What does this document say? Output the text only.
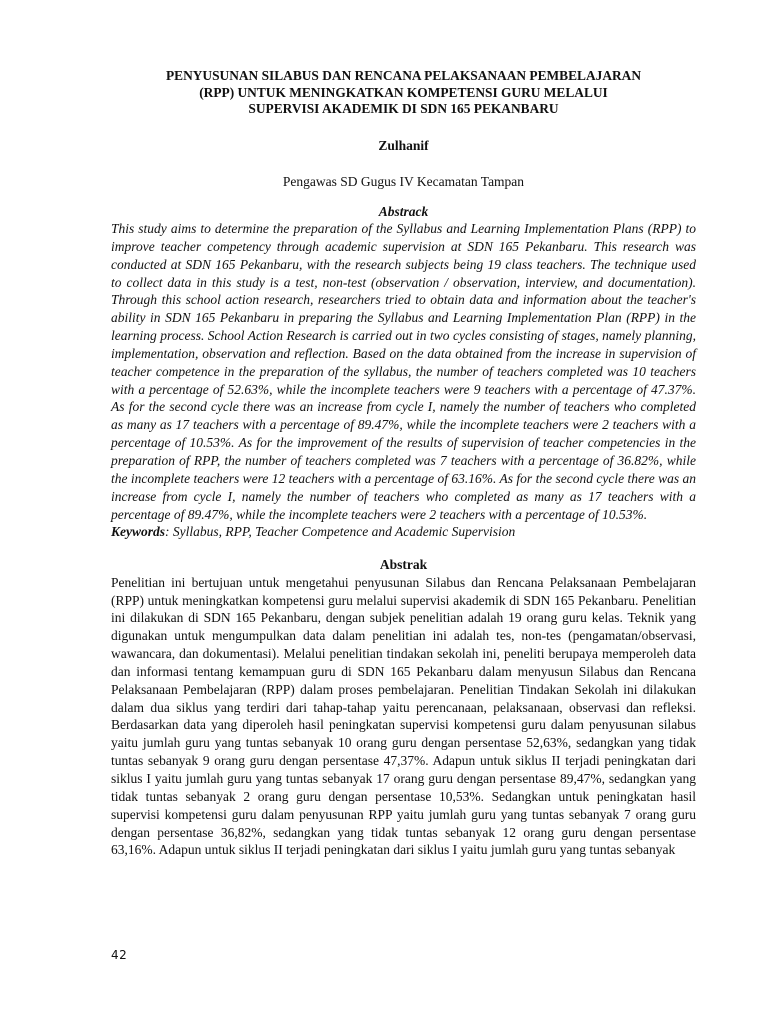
PENYUSUNAN SILABUS DAN RENCANA PELAKSANAAN PEMBELAJARAN
(RPP) UNTUK MENINGKATKAN KOMPETENSI GURU MELALUI
SUPERVISI AKADEMIK DI SDN 165 PEKANBARU
Zulhanif
Pengawas SD Gugus IV Kecamatan Tampan
Abstrack

This study aims to determine the preparation of the Syllabus and Learning Implementation Plans (RPP) to improve teacher competency through academic supervision at SDN 165 Pekanbaru. This research was conducted at SDN 165 Pekanbaru, with the research subjects being 19 class teachers. The technique used to collect data in this study is a test, non-test (observation / observation, interview, and documentation). Through this school action research, researchers tried to obtain data and information about the teacher's ability in SDN 165 Pekanbaru in preparing the Syllabus and Learning Implementation Plan (RPP) in the learning process. School Action Research is carried out in two cycles consisting of stages, namely planning, implementation, observation and reflection. Based on the data obtained from the increase in supervision of teacher competence in the preparation of the syllabus, the number of teachers completed was 10 teachers with a percentage of 52.63%, while the incomplete teachers were 9 teachers with a percentage of 47.37%. As for the second cycle there was an increase from cycle I, namely the number of teachers who completed as many as 17 teachers with a percentage of 89.47%, while the incomplete teachers were 2 teachers with a percentage of 10.53%. As for the improvement of the results of supervision of teacher competencies in the preparation of RPP, the number of teachers completed was 7 teachers with a percentage of 36.82%, while the incomplete teachers were 12 teachers with a percentage of 63.16%. As for the second cycle there was an increase from cycle I, namely the number of teachers who completed as many as 17 teachers with a percentage of 89.47%, while the incomplete teachers were 2 teachers with a percentage of 10.53%.

Keywords: Syllabus, RPP, Teacher Competence and Academic Supervision

Abstrak

Penelitian ini bertujuan untuk mengetahui penyusunan Silabus dan Rencana Pelaksanaan Pembelajaran (RPP) untuk meningkatkan kompetensi guru melalui supervisi akademik di SDN 165 Pekanbaru. Penelitian ini dilakukan di SDN 165 Pekanbaru, dengan subjek penelitian adalah 19 orang guru kelas. Teknik yang digunakan untuk mengumpulkan data dalam penelitian ini adalah tes, non-tes (pengamatan/observasi, wawancara, dan dokumentasi). Melalui penelitian tindakan sekolah ini, peneliti berupaya memperoleh data dan informasi tentang kemampuan guru di SDN 165 Pekanbaru dalam menyusun Silabus dan Rencana Pelaksanaan Pembelajaran (RPP) dalam proses pembelajaran. Penelitian Tindakan Sekolah ini dilakukan dalam dua siklus yang terdiri dari tahap-tahap yaitu perencanaan, pelaksanaan, observasi dan refleksi. Berdasarkan data yang diperoleh hasil peningkatan supervisi kompetensi guru dalam penyusunan silabus yaitu jumlah guru yang tuntas sebanyak 10 orang guru dengan persentase 52,63%, sedangkan yang tidak tuntas sebanyak 9 orang guru dengan persentase 47,37%. Adapun untuk siklus II terjadi peningkatan dari siklus I yaitu jumlah guru yang tuntas sebanyak 17 orang guru dengan persentase 89,47%, sedangkan yang tidak tuntas sebanyak 2 orang guru dengan persentase 10,53%. Sedangkan untuk peningkatan hasil supervisi kompetensi guru dalam penyusunan RPP yaitu jumlah guru yang tuntas sebanyak 7 orang guru dengan persentase 36,82%, sedangkan yang tidak tuntas sebanyak 12 orang guru dengan persentase 63,16%. Adapun untuk siklus II terjadi peningkatan dari siklus I yaitu jumlah guru yang tuntas sebanyak

42
